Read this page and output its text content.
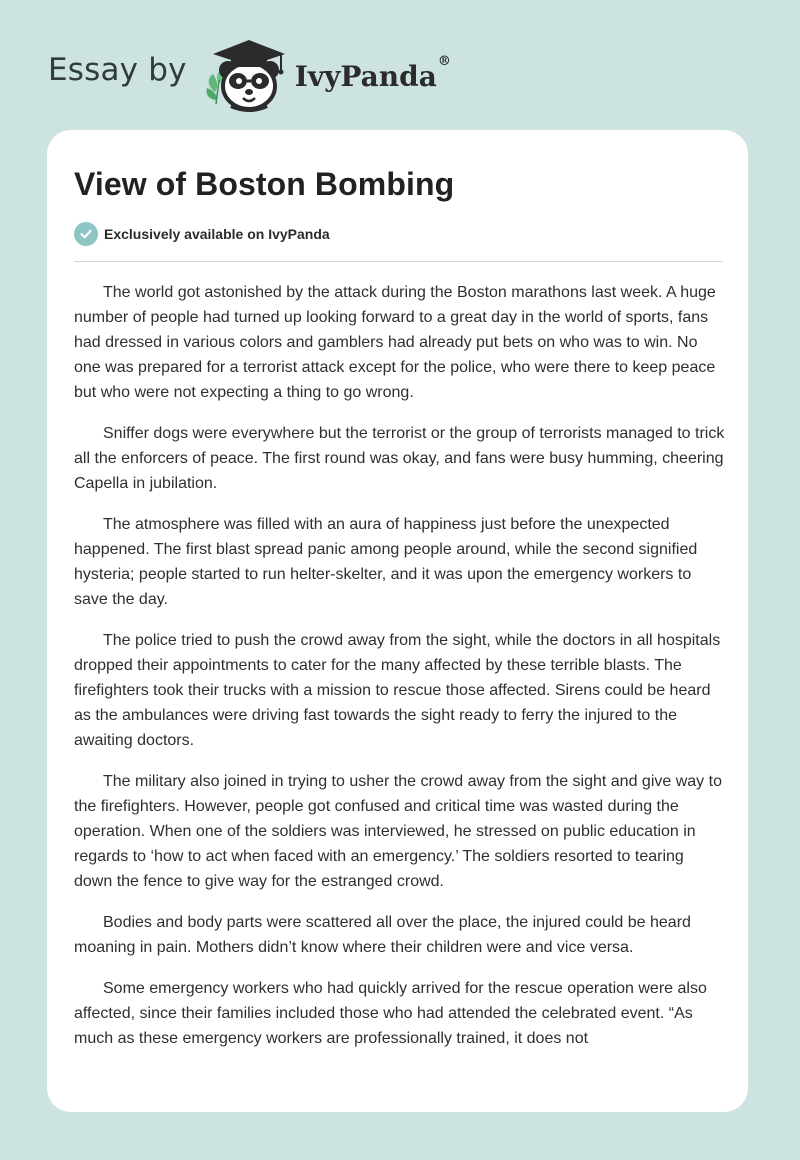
Essay by	IvyPanda®
View of Boston Bombing
Exclusively available on IvyPanda

The world got astonished by the attack during the Boston marathons last week. A huge number of people had turned up looking forward to a great day in the world of sports, fans had dressed in various colors and gamblers had already put bets on who was to win. No one was prepared for a terrorist attack except for the police, who were there to keep peace but who were not expecting a thing to go wrong.

Sniffer dogs were everywhere but the terrorist or the group of terrorists managed to trick all the enforcers of peace. The first round was okay, and fans were busy humming, cheering Capella in jubilation.

The atmosphere was filled with an aura of happiness just before the unexpected happened. The first blast spread panic among people around, while the second signified hysteria; people started to run helter-skelter, and it was upon the emergency workers to save the day.

The police tried to push the crowd away from the sight, while the doctors in all hospitals dropped their appointments to cater for the many affected by these terrible blasts. The firefighters took their trucks with a mission to rescue those affected. Sirens could be heard as the ambulances were driving fast towards the sight ready to ferry the injured to the awaiting doctors.

The military also joined in trying to usher the crowd away from the sight and give way to the firefighters. However, people got confused and critical time was wasted during the operation. When one of the soldiers was interviewed, he stressed on public education in regards to ‘how to act when faced with an emergency.’ The soldiers resorted to tearing down the fence to give way for the estranged crowd.

Bodies and body parts were scattered all over the place, the injured could be heard moaning in pain. Mothers didn’t know where their children were and vice versa.

Some emergency workers who had quickly arrived for the rescue operation were also affected, since their families included those who had attended the celebrated event. “As much as these emergency workers are professionally trained, it does not
